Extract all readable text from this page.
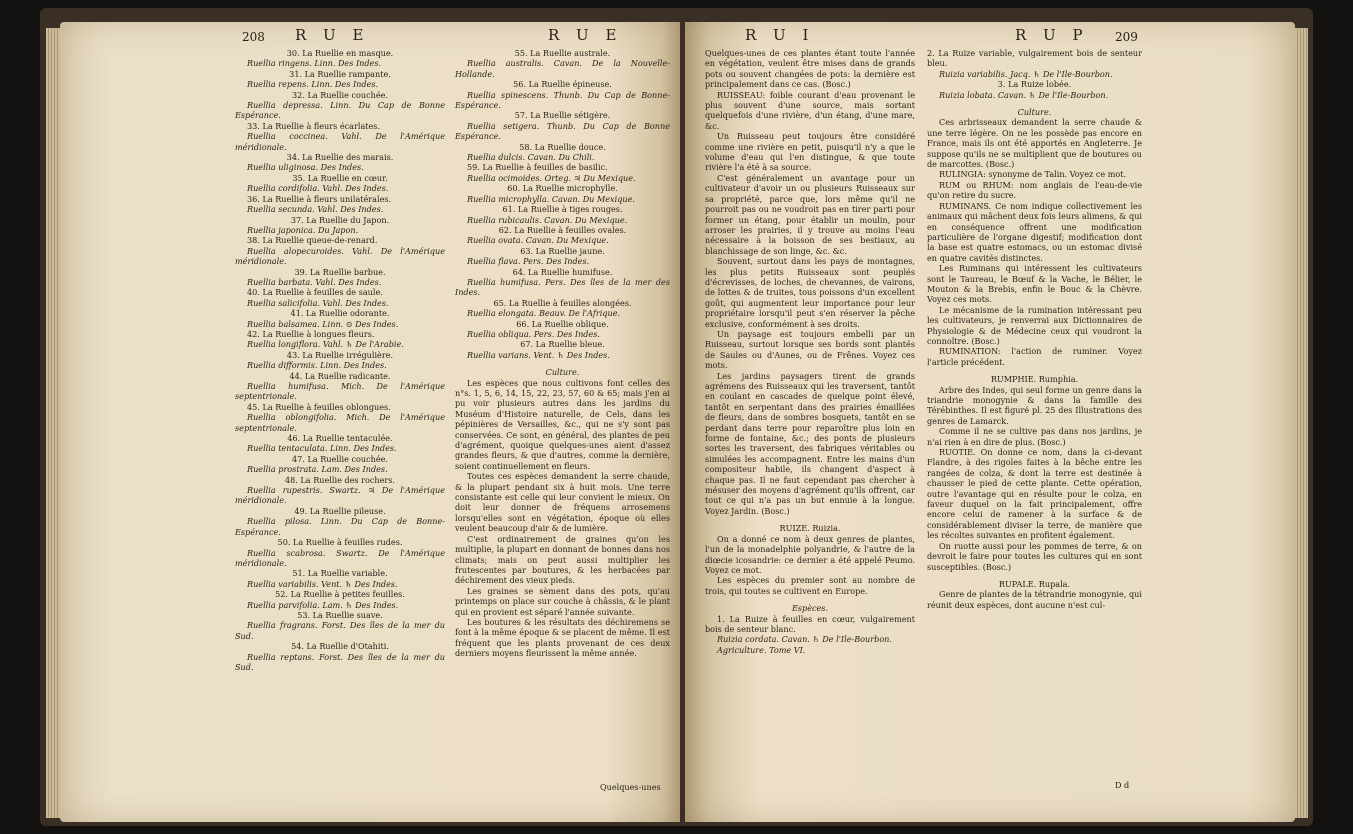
208 R U E	R U E

30. La Ruellie en masque.

Ruellia ringens. Linn. Des Indes.

31. La Ruellie rampante.

Ruellia repens. Linn. Des Indes.

32. La Ruellie couchée.

Ruellia depressa. Linn. Du Cap de Bonne Espérance.

33. La Ruellie à fleurs écarlates.

Ruellia coccinea. Vahl. De l'Amérique méridionale.

34. La Ruellie des marais.

Ruellia uliginosa. Des Indes.

35. La Ruellie en cœur.

Ruellia cordifolia. Vahl. Des Indes.

36. La Ruellie à fleurs unilatérales.

Ruellia secunda. Vahl. Des Indes.

37. La Ruellie du Japon.

Ruellia japonica. Du Japon.

38. La Ruellie queue-de-renard.

Ruellia alopecuroides. Vahl. De l'Amérique méridionale.

39. La Ruellie barbue.

Ruellia barbata. Vahl. Des Indes.

40. La Ruellie à feuilles de saule.

Ruellia salicifolia. Vahl. Des Indes.

41. La Ruellie odorante.

Ruellia balsamea. Linn. ⊙ Des Indes.

42. La Ruellie à longues fleurs.

Ruellia longiflora. Vahl. ♄ De l'Arabie.

43. La Ruellie irrégulière.

Ruellia difformis. Linn. Des Indes.

44. La Ruellie radicante.

Ruellia humifusa. Mich. De l'Amérique septentrionale.

45. La Ruellie à feuilles oblongues.

Ruellia oblongifolia. Mich. De l'Amérique septentrionale.

46. La Ruellie tentaculée.

Ruellia tentaculata. Linn. Des Indes.

47. La Ruellie couchée.

Ruellia prostrata. Lam. Des Indes.

48. La Ruellie des rochers.

Ruellia rupestris. Swartz. ♃ De l'Amérique méridionale.

49. La Ruellie pileuse.

Ruellia pilosa. Linn. Du Cap de Bonne-Espérance.

50. La Ruellie à feuilles rudes.

Ruellia scabrosa. Swartz. De l'Amérique méridionale.

51. La Ruellie variable.

Ruellia variabilis. Vent. ♄ Des Indes.

52. La Ruellie à petites feuilles.

Ruellia parvifolia. Lam. ♄ Des Indes.

53. La Ruellie suave.

Ruellia fragrans. Forst. Des îles de la mer du Sud.

54. La Ruellie d'Otahiti.

Ruellia reptans. Forst. Des îles de la mer du Sud.

55. La Ruellie australe.

Ruellia australis. Cavan. De la Nouvelle-Hollande.

56. La Ruellie épineuse.

Ruellia spinescens. Thunb. Du Cap de Bonne-Espérance.

57. La Ruellie sétigère.

Ruellia setigera. Thunb. Du Cap de Bonne Espérance.

58. La Ruellie douce.

Ruellia dulcis. Cavan. Du Chili.

59. La Ruellie à feuilles de basilic.

Ruellia ocimoides. Orteg. ♃ Du Mexique.

60. La Ruellie microphylle.

Ruellia microphylla. Cavan. Du Mexique.

61. La Ruellie à tiges rouges.

Ruellia rubicaulis. Cavan. Du Mexique.

62. La Ruellie à feuilles ovales.

Ruellia ovata. Cavan. Du Mexique.

63. La Ruellie jaune.

Ruellia flava. Pers. Des Indes.

64. La Ruellie humifuse.

Ruellia humifusa. Pers. Des îles de la mer des Indes.

65. La Ruellie à feuilles alongées.

Ruellia elongata. Beauv. De l'Afrique.

66. La Ruellie oblique.

Ruellia obliqua. Pers. Des Indes.

67. La Ruellie bleue.

Ruellia varians. Vent. ♄ Des Indes.

Culture.

Les espèces que nous cultivons font celles des n°s. 1, 5, 6, 14, 15, 22, 23, 57, 60 & 65; mais j'en ai pu voir plusieurs autres dans les jardins du Muséum d'Histoire naturelle, de Cels, dans les pépinières de Versailles, &c., qui ne s'y sont pas conservées. Ce sont, en général, des plantes de peu d'agrément, quoique quelques-unes aient d'assez grandes fleurs, & que d'autres, comme la dernière, soient continuellement en fleurs.

Toutes ces espèces demandent la serre chaude, & la plupart pendant six à huit mois. Une terre consistante est celle qui leur convient le mieux. On doit leur donner de fréquens arrosemens lorsqu'elles sont en végétation, époque où elles veulent beaucoup d'air & de lumière.

C'est ordinairement de graines qu'on les multiplie, la plupart en donnant de bonnes dans nos climats; mais on peut aussi multiplier les frutescentes par boutures, & les herbacées par déchirement des vieux pieds.

Les graines se sèment dans des pots, qu'au printemps on place sur couche à châssis, & le plant qui en provient est séparé l'année suivante.

Les boutures & les résultats des déchiremens se font à la même époque & se placent de même. Il est fréquent que les plants provenant de ces deux derniers moyens fleurissent la même année.

Quelques-unes
R U I	R U P 209

Quelques-unes de ces plantes étant toute l'année en végétation, veulent être mises dans de grands pots ou souvent changées de pots: la dernière est principalement dans ce cas. (Bosc.)

RUISSEAU: foible courant d'eau provenant le plus souvent d'une source, mais sortant quelquefois d'une rivière, d'un étang, d'une mare, &c.

Un Ruisseau peut toujours être considéré comme une rivière en petit, puisqu'il n'y a que le volume d'eau qui l'en distingue, & que toute rivière l'a été à sa source.

C'est généralement un avantage pour un cultivateur d'avoir un ou plusieurs Ruisseaux sur sa propriété, parce que, lors même qu'il ne pourroit pas ou ne voudroit pas en tirer parti pour former un étang, pour établir un moulin, pour arroser les prairies, il y trouve au moins l'eau nécessaire à la boisson de ses bestiaux, au blanchissage de son linge, &c. &c.

Souvent, surtout dans les pays de montagnes, les plus petits Ruisseaux sont peuplés d'écrevisses, de loches, de chevannes, de vairons, de lottes & de truites, tous poissons d'un excellent goût, qui augmentent leur importance pour leur propriétaire lorsqu'il peut s'en réserver la pêche exclusive, conformément à ses droits.

Un paysage est toujours embelli par un Ruisseau, surtout lorsque ses bords sont plantés de Saules ou d'Aunes, ou de Frênes. Voyez ces mots.

Les jardins paysagers tirent de grands agrémens des Ruisseaux qui les traversent, tantôt en coulant en cascades de quelque point élevé, tantôt en serpentant dans des prairies émaillées de fleurs, dans de sombres bosquets, tantôt en se perdant dans terre pour reparoître plus loin en forme de fontaine, &c.; des ponts de plusieurs sortes les traversent, des fabriques véritables ou simulées les accompagnent. Entre les mains d'un compositeur habile, ils changent d'aspect à chaque pas. Il ne faut cependant pas chercher à mésuser des moyens d'agrément qu'ils offrent, car tout ce qui n'a pas un but ennuie à la longue. Voyez Jardin. (Bosc.)

RUIZE. Ruizia.

On a donné ce nom à deux genres de plantes, l'un de la monadelphie polyandrie, & l'autre de la diœcie icosandrie: ce dernier a été appelé Peumo. Voyez ce mot.

Les espèces du premier sont au nombre de trois, qui toutes se cultivent en Europe.

Espèces.

1. La Ruize à feuilles en cœur, vulgairement bois de senteur blanc.

Ruizia cordata. Cavan. ♄ De l'Ile-Bourbon.

Agriculture. Tome VI.

2. La Ruize variable, vulgairement bois de senteur bleu.

Ruizia variabilis. Jacq. ♄ De l'Ile-Bourbon.

3. La Ruize lobée.

Ruizia lobata. Cavan. ♄ De l'Ile-Bourbon.

Culture.

Ces arbrisseaux demandent la serre chaude & une terre légère. On ne les possède pas encore en France, mais ils ont été apportés en Angleterre. Je suppose qu'ils ne se multiplient que de boutures ou de marcottes. (Bosc.)

RULINGIA: synonyme de Talin. Voyez ce mot.

RUM ou RHUM: nom anglais de l'eau-de-vie qu'on retire du sucre.

RUMINANS. Ce nom indique collectivement les animaux qui mâchent deux fois leurs alimens, & qui en conséquence offrent une modification particulière de l'organe digestif; modification dont la base est quatre estomacs, ou un estomac divisé en quatre cavités distinctes.

Les Ruminans qui intéressent les cultivateurs sont le Taureau, le Bœuf & la Vache, le Bélier, le Mouton & la Brebis, enfin le Bouc & la Chèvre. Voyez ces mots.

Le mécanisme de la rumination intéressant peu les cultivateurs, je renverrai aux Dictionnaires de Physiologie & de Médecine ceux qui voudront la connoître. (Bosc.)

RUMINATION: l'action de ruminer. Voyez l'article précédent.

RUMPHIE. Rumphia.

Arbre des Indes, qui seul forme un genre dans la triandrie monogynie & dans la famille des Térébinthes. Il est figuré pl. 25 des Illustrations des genres de Lamarck.

Comme il ne se cultive pas dans nos jardins, je n'ai rien à en dire de plus. (Bosc.)

RUOTIE. On donne ce nom, dans la ci-devant Flandre, à des rigoles faites à la bêche entre les rangées de colza, & dont la terre est destinée à chausser le pied de cette plante. Cette opération, outre l'avantage qui en résulte pour le colza, en faveur duquel on la fait principalement, offre encore celui de ramener à la surface & de considérablement diviser la terre, de manière que les récoltes suivantes en profitent également.

On ruotte aussi pour les pommes de terre, & on devroit le faire pour toutes les cultures qui en sont susceptibles. (Bosc.)

RUPALE. Rupala.

Genre de plantes de la tétrandrie monogynie, qui réunit deux espèces, dont aucune n'est cul-

D d
